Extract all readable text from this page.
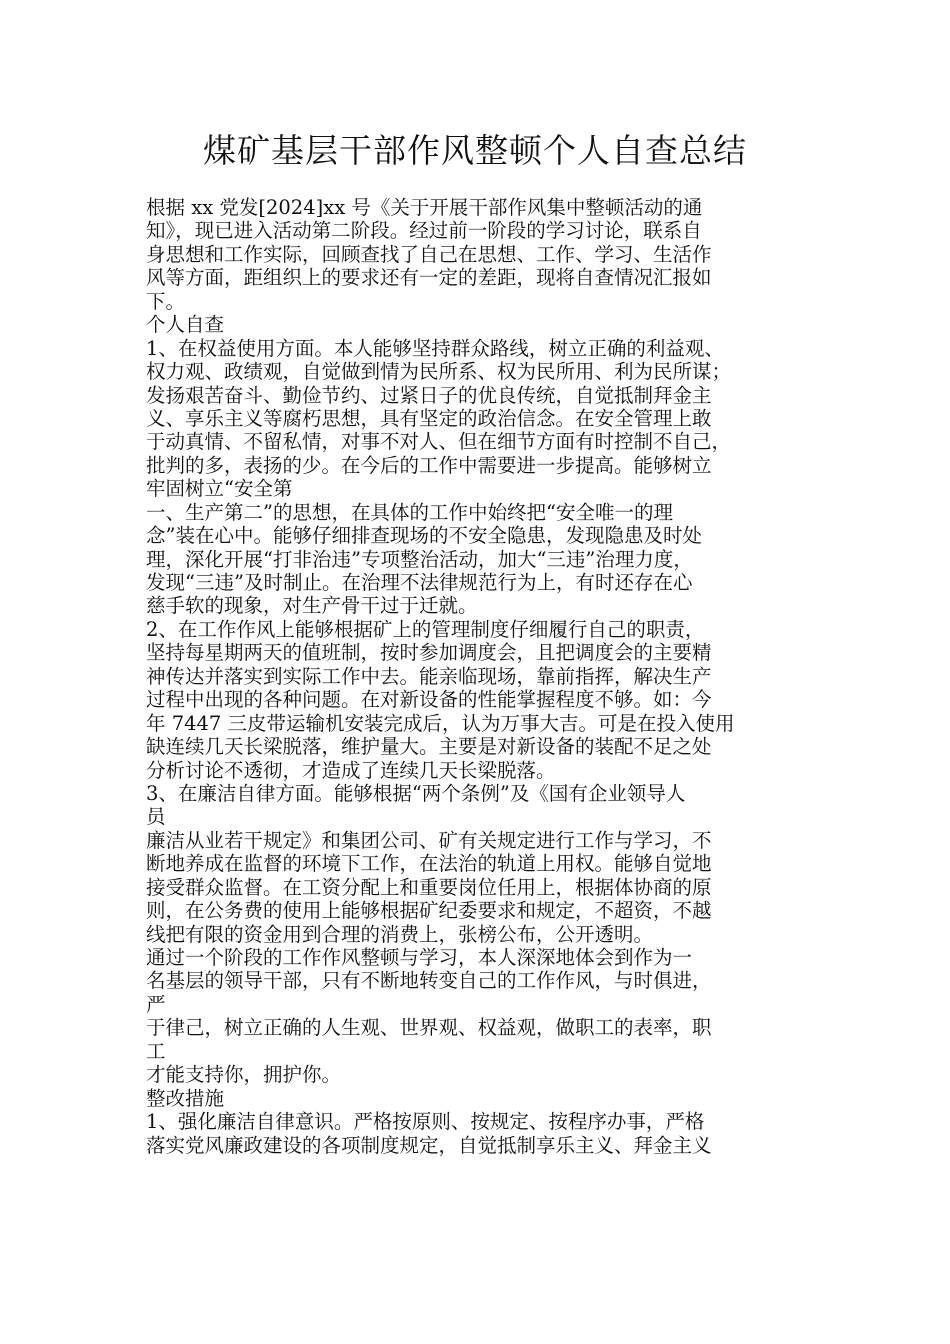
煤矿基层干部作风整顿个人自查总结
根据 xx 党发[2024]xx 号《关于开展干部作风集中整顿活动的通
知》，现已进入活动第二阶段。经过前一阶段的学习讨论，联系自
身思想和工作实际，回顾查找了自己在思想、工作、学习、生活作
风等方面，距组织上的要求还有一定的差距，现将自查情况汇报如
下。
个人自查
1、在权益使用方面。本人能够坚持群众路线，树立正确的利益观、
权力观、政绩观，自觉做到情为民所系、权为民所用、利为民所谋；
发扬艰苦奋斗、勤俭节约、过紧日子的优良传统，自觉抵制拜金主
义、享乐主义等腐朽思想，具有坚定的政治信念。在安全管理上敢
于动真情、不留私情，对事不对人、但在细节方面有时控制不自己，
批判的多，表扬的少。在今后的工作中需要进一步提高。能够树立
牢固树立“安全第
一、生产第二”的思想，在具体的工作中始终把“安全唯一的理
念”装在心中。能够仔细排查现场的不安全隐患，发现隐患及时处
理，深化开展“打非治违”专项整治活动，加大“三违”治理力度，
发现“三违”及时制止。在治理不法律规范行为上，有时还存在心
慈手软的现象，对生产骨干过于迁就。
2、在工作作风上能够根据矿上的管理制度仔细履行自己的职责，
坚持每星期两天的值班制，按时参加调度会，且把调度会的主要精
神传达并落实到实际工作中去。能亲临现场，靠前指挥，解决生产
过程中出现的各种问题。在对新设备的性能掌握程度不够。如：今
年 7447 三皮带运输机安装完成后，认为万事大吉。可是在投入使用
缺连续几天长梁脱落，维护量大。主要是对新设备的装配不足之处
分析讨论不透彻，才造成了连续几天长梁脱落。
3、在廉洁自律方面。能够根据“两个条例”及《国有企业领导人
员
廉洁从业若干规定》和集团公司、矿有关规定进行工作与学习，不
断地养成在监督的环境下工作，在法治的轨道上用权。能够自觉地
接受群众监督。在工资分配上和重要岗位任用上，根据体协商的原
则，在公务费的使用上能够根据矿纪委要求和规定，不超资，不越
线把有限的资金用到合理的消费上，张榜公布，公开透明。
通过一个阶段的工作作风整顿与学习，本人深深地体会到作为一
名基层的领导干部，只有不断地转变自己的工作作风，与时俱进，
严
于律己，树立正确的人生观、世界观、权益观，做职工的表率，职
工
才能支持你，拥护你。
整改措施
1、强化廉洁自律意识。严格按原则、按规定、按程序办事，严格
落实党风廉政建设的各项制度规定，自觉抵制享乐主义、拜金主义
